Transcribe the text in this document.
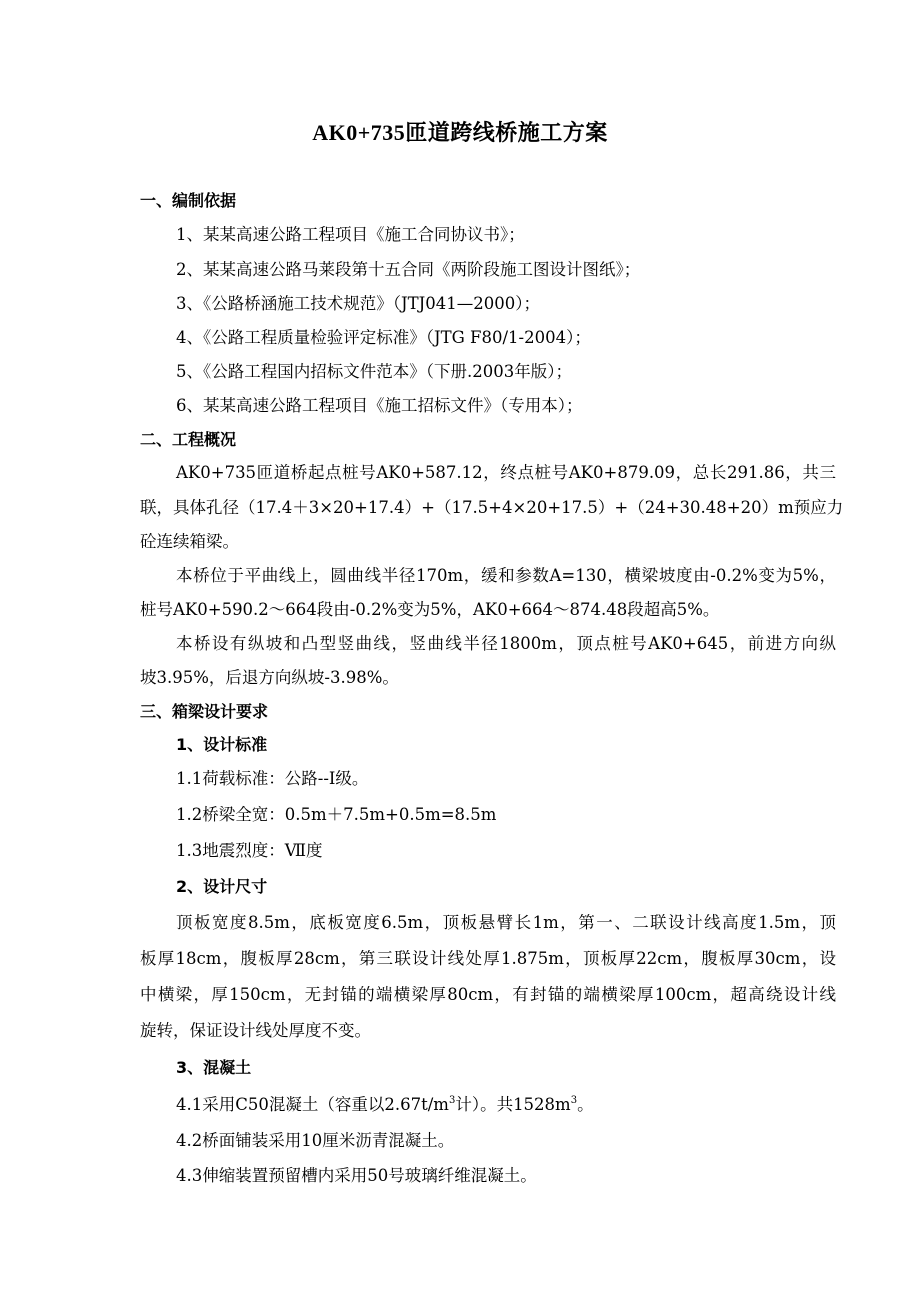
AK0+735匝道跨线桥施工方案
一、编制依据
1、某某高速公路工程项目《施工合同协议书》；
2、某某高速公路马莱段第十五合同《两阶段施工图设计图纸》；
3、《公路桥涵施工技术规范》（JTJ041—2000）；
4、《公路工程质量检验评定标准》（JTG F80/1-2004）；
5、《公路工程国内招标文件范本》（下册.2003年版）；
6、某某高速公路工程项目《施工招标文件》（专用本）；
二、工程概况
AK0+735匝道桥起点桩号AK0+587.12，终点桩号AK0+879.09，总长291.86，共三
联，具体孔径（17.4＋3×20+17.4）+（17.5+4×20+17.5）+（24+30.48+20）m预应力
砼连续箱梁。
本桥位于平曲线上，圆曲线半径170m，缓和参数A=130，横梁坡度由-0.2%变为5%，
桩号AK0+590.2～664段由-0.2%变为5%，AK0+664～874.48段超高5%。
本桥设有纵坡和凸型竖曲线，竖曲线半径1800m，顶点桩号AK0+645，前进方向纵
坡3.95%，后退方向纵坡-3.98%。
三、箱梁设计要求
1、设计标准
1.1荷载标准：公路--Ⅰ级。
1.2桥梁全宽：0.5m＋7.5m+0.5m=8.5m
1.3地震烈度：Ⅶ度
2、设计尺寸
顶板宽度8.5m，底板宽度6.5m，顶板悬臂长1m，第一、二联设计线高度1.5m，顶
板厚18cm，腹板厚28cm，第三联设计线处厚1.875m，顶板厚22cm，腹板厚30cm，设
中横梁，厚150cm，无封锚的端横梁厚80cm，有封锚的端横梁厚100cm，超高绕设计线
旋转，保证设计线处厚度不变。
3、混凝土
4.1采用C50混凝土（容重以$2.67t/m^3$计）。共$1528m^3$。
4.2桥面铺装采用10厘米沥青混凝土。
4.3伸缩装置预留槽内采用50号玻璃纤维混凝土。
